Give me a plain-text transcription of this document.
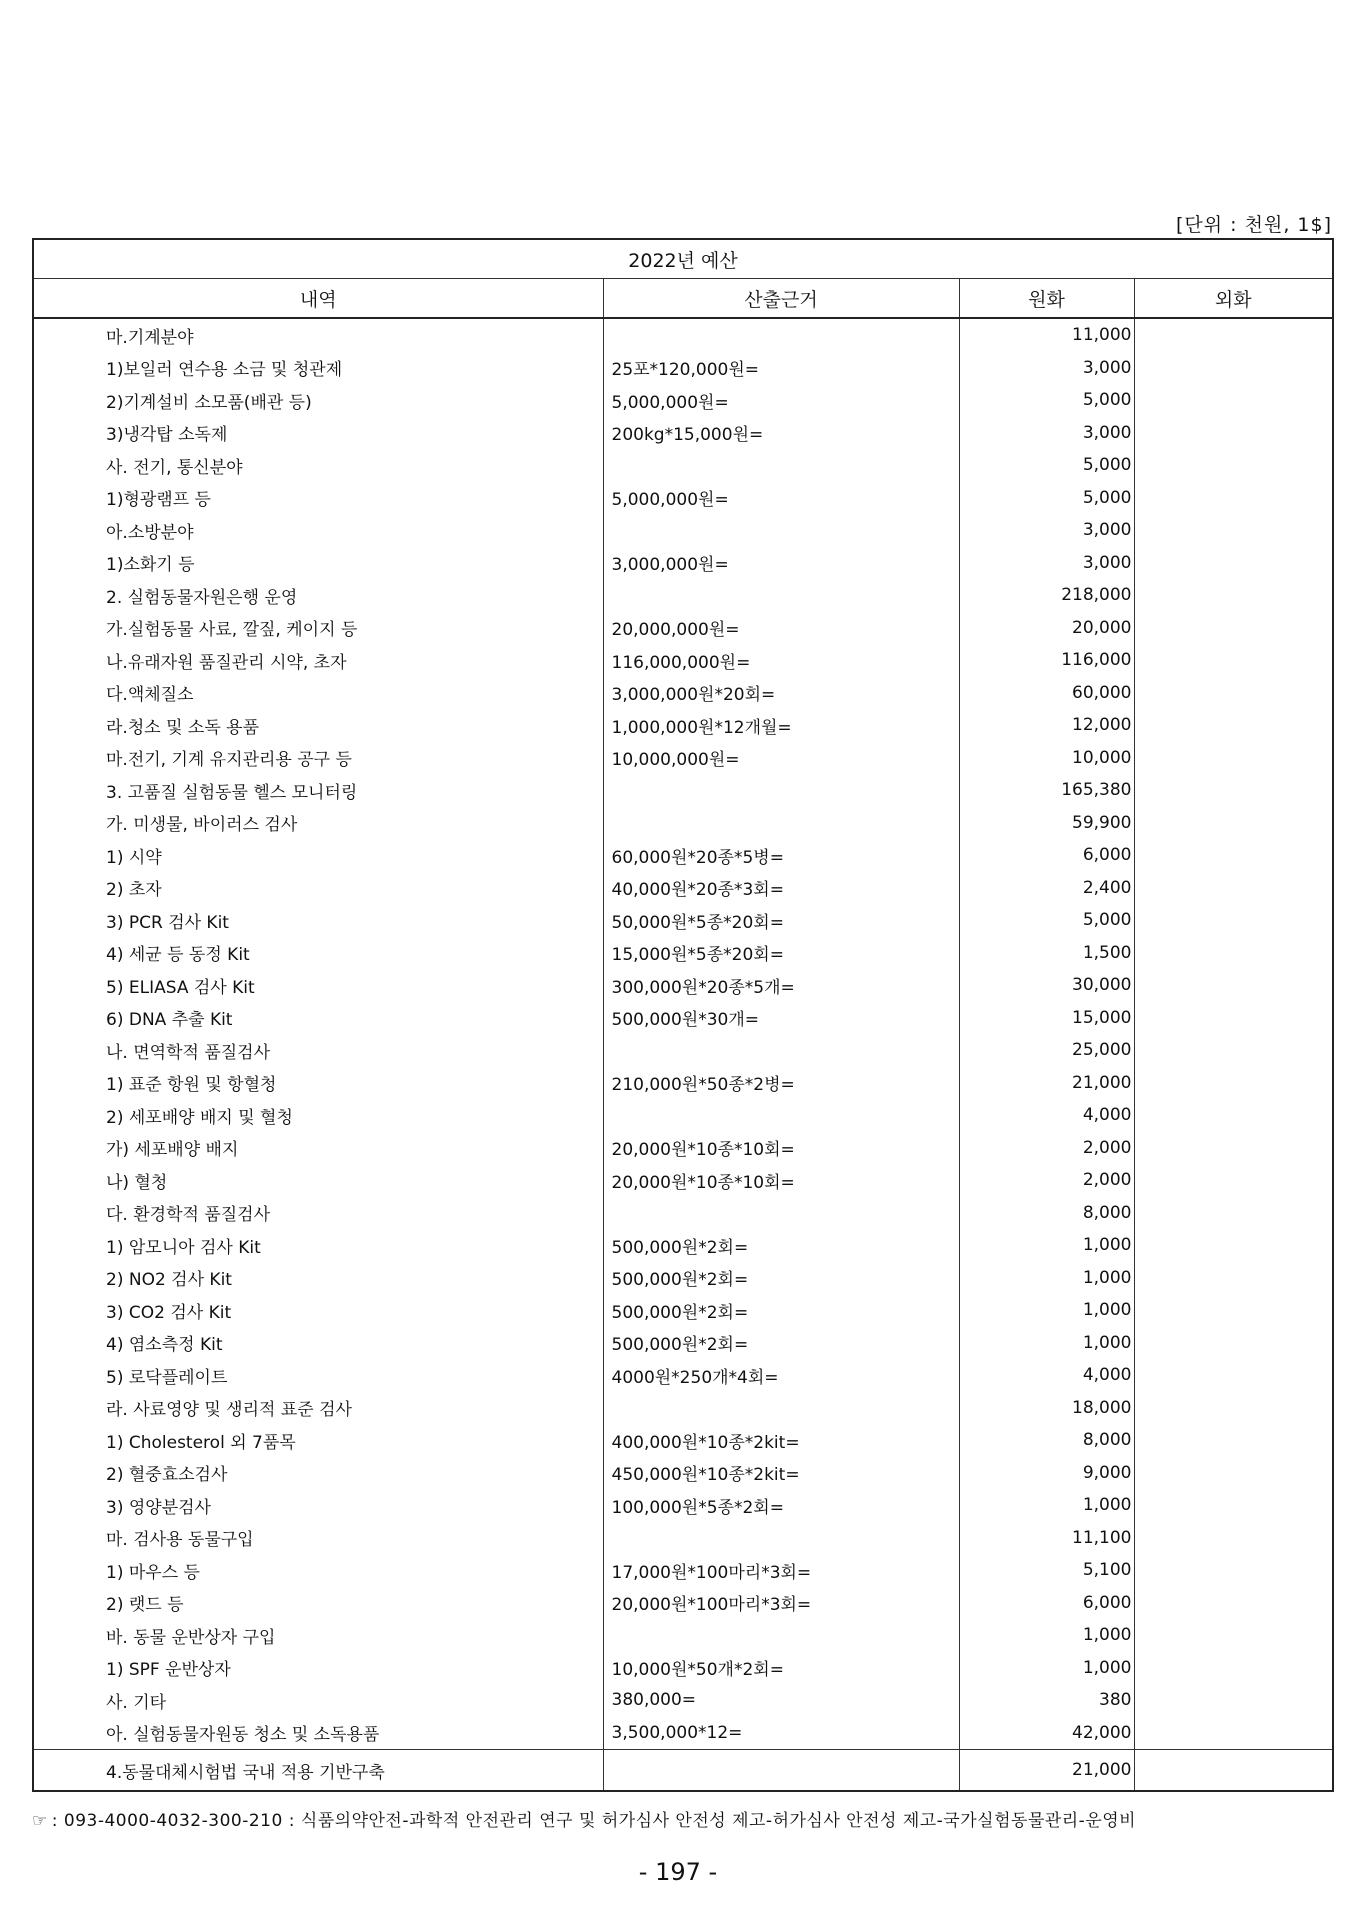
[단위 : 천원, 1$]
2022년 예산			
내역	산출근거	원화	외화
마.기계분야		11,000	
1)보일러 연수용 소금 및 청관제	25포*120,000원=	3,000	
2)기계설비 소모품(배관 등)	5,000,000원=	5,000	
3)냉각탑 소독제	200kg*15,000원=	3,000	
사. 전기, 통신분야		5,000	
1)형광램프 등	5,000,000원=	5,000	
아.소방분야		3,000	
1)소화기 등	3,000,000원=	3,000	
2. 실험동물자원은행 운영		218,000	
가.실험동물 사료, 깔짚, 케이지 등	20,000,000원=	20,000	
나.유래자원 품질관리 시약, 초자	116,000,000원=	116,000	
다.액체질소	3,000,000원*20회=	60,000	
라.청소 및 소독 용품	1,000,000원*12개월=	12,000	
마.전기, 기계 유지관리용 공구 등	10,000,000원=	10,000	
3. 고품질 실험동물 헬스 모니터링		165,380	
가. 미생물, 바이러스 검사		59,900	
1) 시약	60,000원*20종*5병=	6,000	
2) 초자	40,000원*20종*3회=	2,400	
3) PCR 검사 Kit	50,000원*5종*20회=	5,000	
4) 세균 등 동정 Kit	15,000원*5종*20회=	1,500	
5) ELIASA 검사 Kit	300,000원*20종*5개=	30,000	
6) DNA 추출 Kit	500,000원*30개=	15,000	
나. 면역학적 품질검사		25,000	
1) 표준 항원 및 항혈청	210,000원*50종*2병=	21,000	
2) 세포배양 배지 및 혈청		4,000	
가) 세포배양 배지	20,000원*10종*10회=	2,000	
나) 혈청	20,000원*10종*10회=	2,000	
다. 환경학적 품질검사		8,000	
1) 암모니아 검사 Kit	500,000원*2회=	1,000	
2) NO2 검사 Kit	500,000원*2회=	1,000	
3) CO2 검사 Kit	500,000원*2회=	1,000	
4) 염소측정 Kit	500,000원*2회=	1,000	
5) 로닥플레이트	4000원*250개*4회=	4,000	
라. 사료영양 및 생리적 표준 검사		18,000	
1) Cholesterol 외 7품목	400,000원*10종*2kit=	8,000	
2) 혈중효소검사	450,000원*10종*2kit=	9,000	
3) 영양분검사	100,000원*5종*2회=	1,000	
마. 검사용 동물구입		11,100	
1) 마우스 등	17,000원*100마리*3회=	5,100	
2) 랫드 등	20,000원*100마리*3회=	6,000	
바. 동물 운반상자 구입		1,000	
1) SPF 운반상자	10,000원*50개*2회=	1,000	
사. 기타	380,000=	380	
아. 실험동물자원동 청소 및 소독용품	3,500,000*12=	42,000	
4.동물대체시험법 국내 적용 기반구축		21,000	
☞ : 093-4000-4032-300-210 : 식품의약안전-과학적 안전관리 연구 및 허가심사 안전성 제고-허가심사 안전성 제고-국가실험동물관리-운영비
- 197 -
